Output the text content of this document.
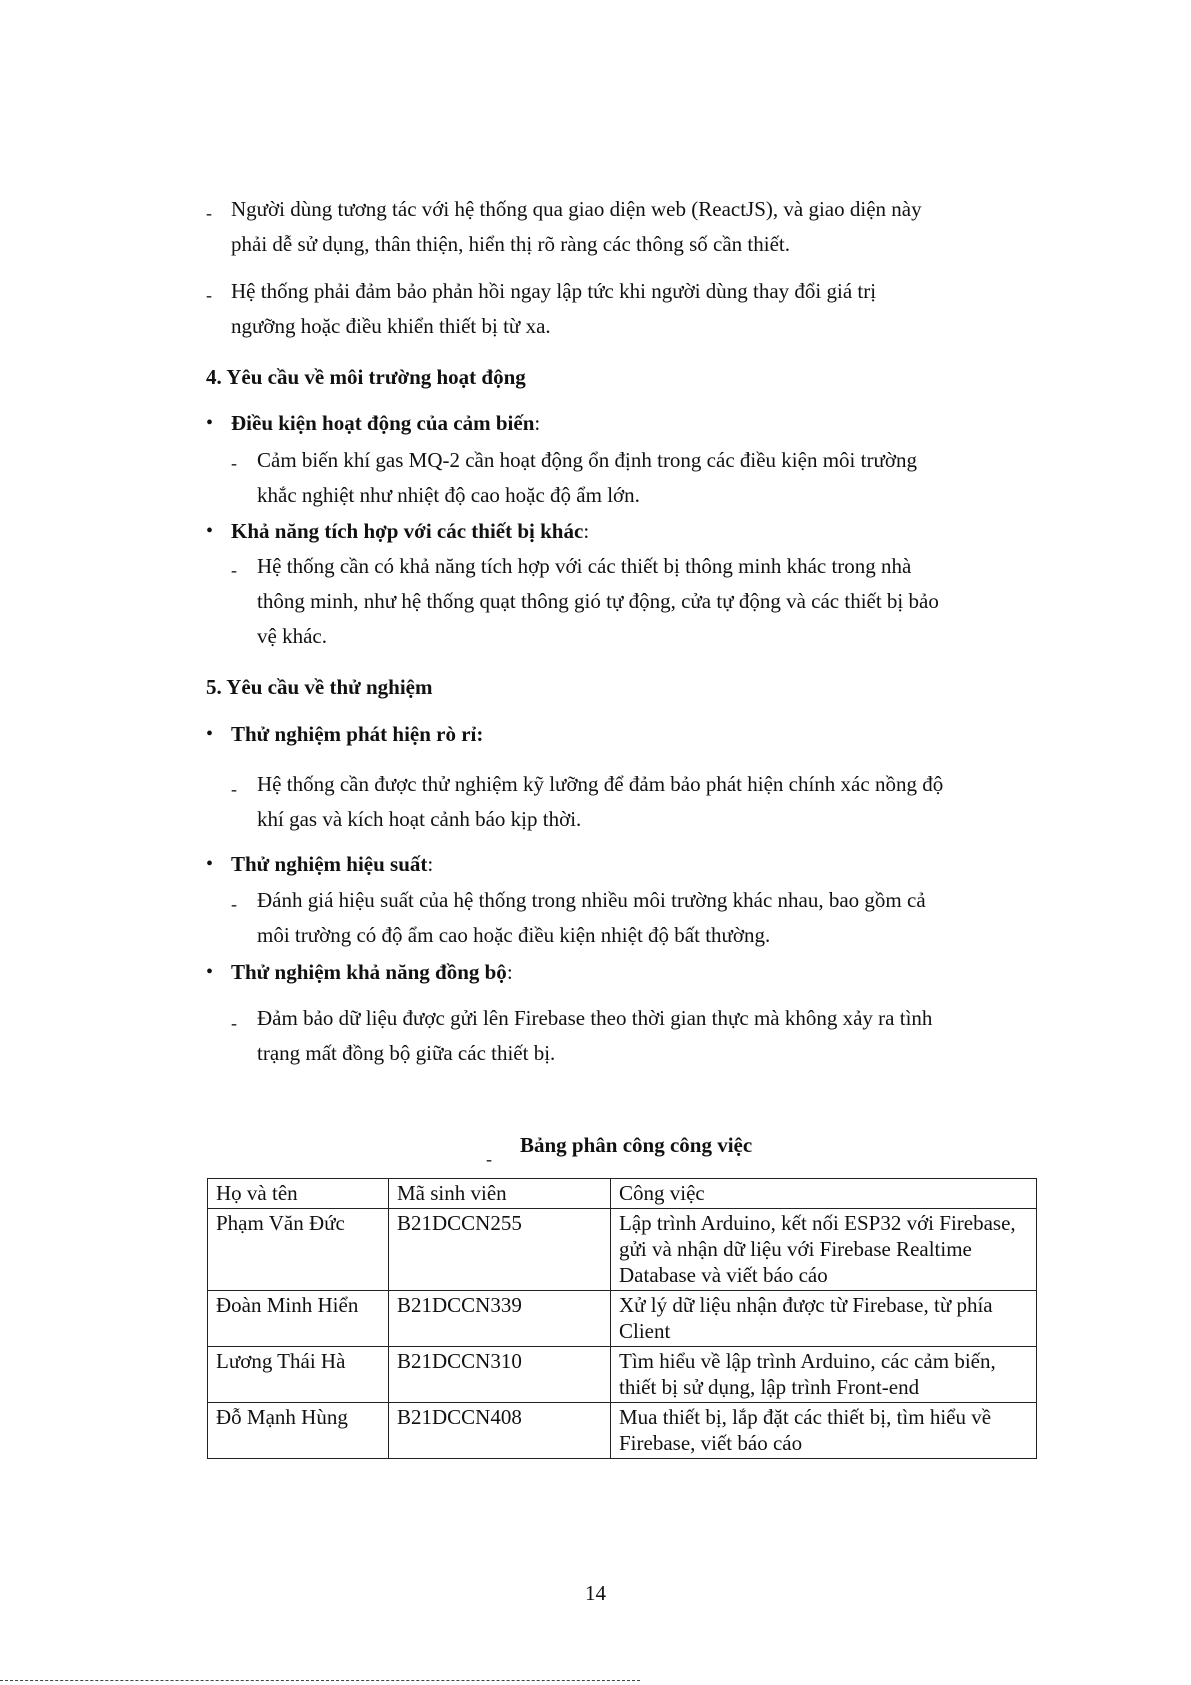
- Người dùng tương tác với hệ thống qua giao diện web (ReactJS), và giao diện này
phải dễ sử dụng, thân thiện, hiển thị rõ ràng các thông số cần thiết.
- Hệ thống phải đảm bảo phản hồi ngay lập tức khi người dùng thay đổi giá trị
ngưỡng hoặc điều khiển thiết bị từ xa.
4. Yêu cầu về môi trường hoạt động
• Điều kiện hoạt động của cảm biến:
- Cảm biến khí gas MQ-2 cần hoạt động ổn định trong các điều kiện môi trường
khắc nghiệt như nhiệt độ cao hoặc độ ẩm lớn.
• Khả năng tích hợp với các thiết bị khác:
- Hệ thống cần có khả năng tích hợp với các thiết bị thông minh khác trong nhà
thông minh, như hệ thống quạt thông gió tự động, cửa tự động và các thiết bị bảo
vệ khác.
5. Yêu cầu về thử nghiệm
• Thử nghiệm phát hiện rò rỉ:
- Hệ thống cần được thử nghiệm kỹ lưỡng để đảm bảo phát hiện chính xác nồng độ
khí gas và kích hoạt cảnh báo kịp thời.
• Thử nghiệm hiệu suất:
- Đánh giá hiệu suất của hệ thống trong nhiều môi trường khác nhau, bao gồm cả
môi trường có độ ẩm cao hoặc điều kiện nhiệt độ bất thường.
• Thử nghiệm khả năng đồng bộ:
- Đảm bảo dữ liệu được gửi lên Firebase theo thời gian thực mà không xảy ra tình
trạng mất đồng bộ giữa các thiết bị.
-
Bảng phân công công việc
Họ và tên	Mã sinh viên	Công việc
Phạm Văn Đức	B21DCCN255	Lập trình Arduino, kết nối ESP32 với Firebase, gửi và nhận dữ liệu với Firebase Realtime Database và viết báo cáo
Đoàn Minh Hiển	B21DCCN339	Xử lý dữ liệu nhận được từ Firebase, từ phía Client
Lương Thái Hà	B21DCCN310	Tìm hiểu về lập trình Arduino, các cảm biến, thiết bị sử dụng, lập trình Front-end
Đỗ Mạnh Hùng	B21DCCN408	Mua thiết bị, lắp đặt các thiết bị, tìm hiểu về Firebase, viết báo cáo
14
